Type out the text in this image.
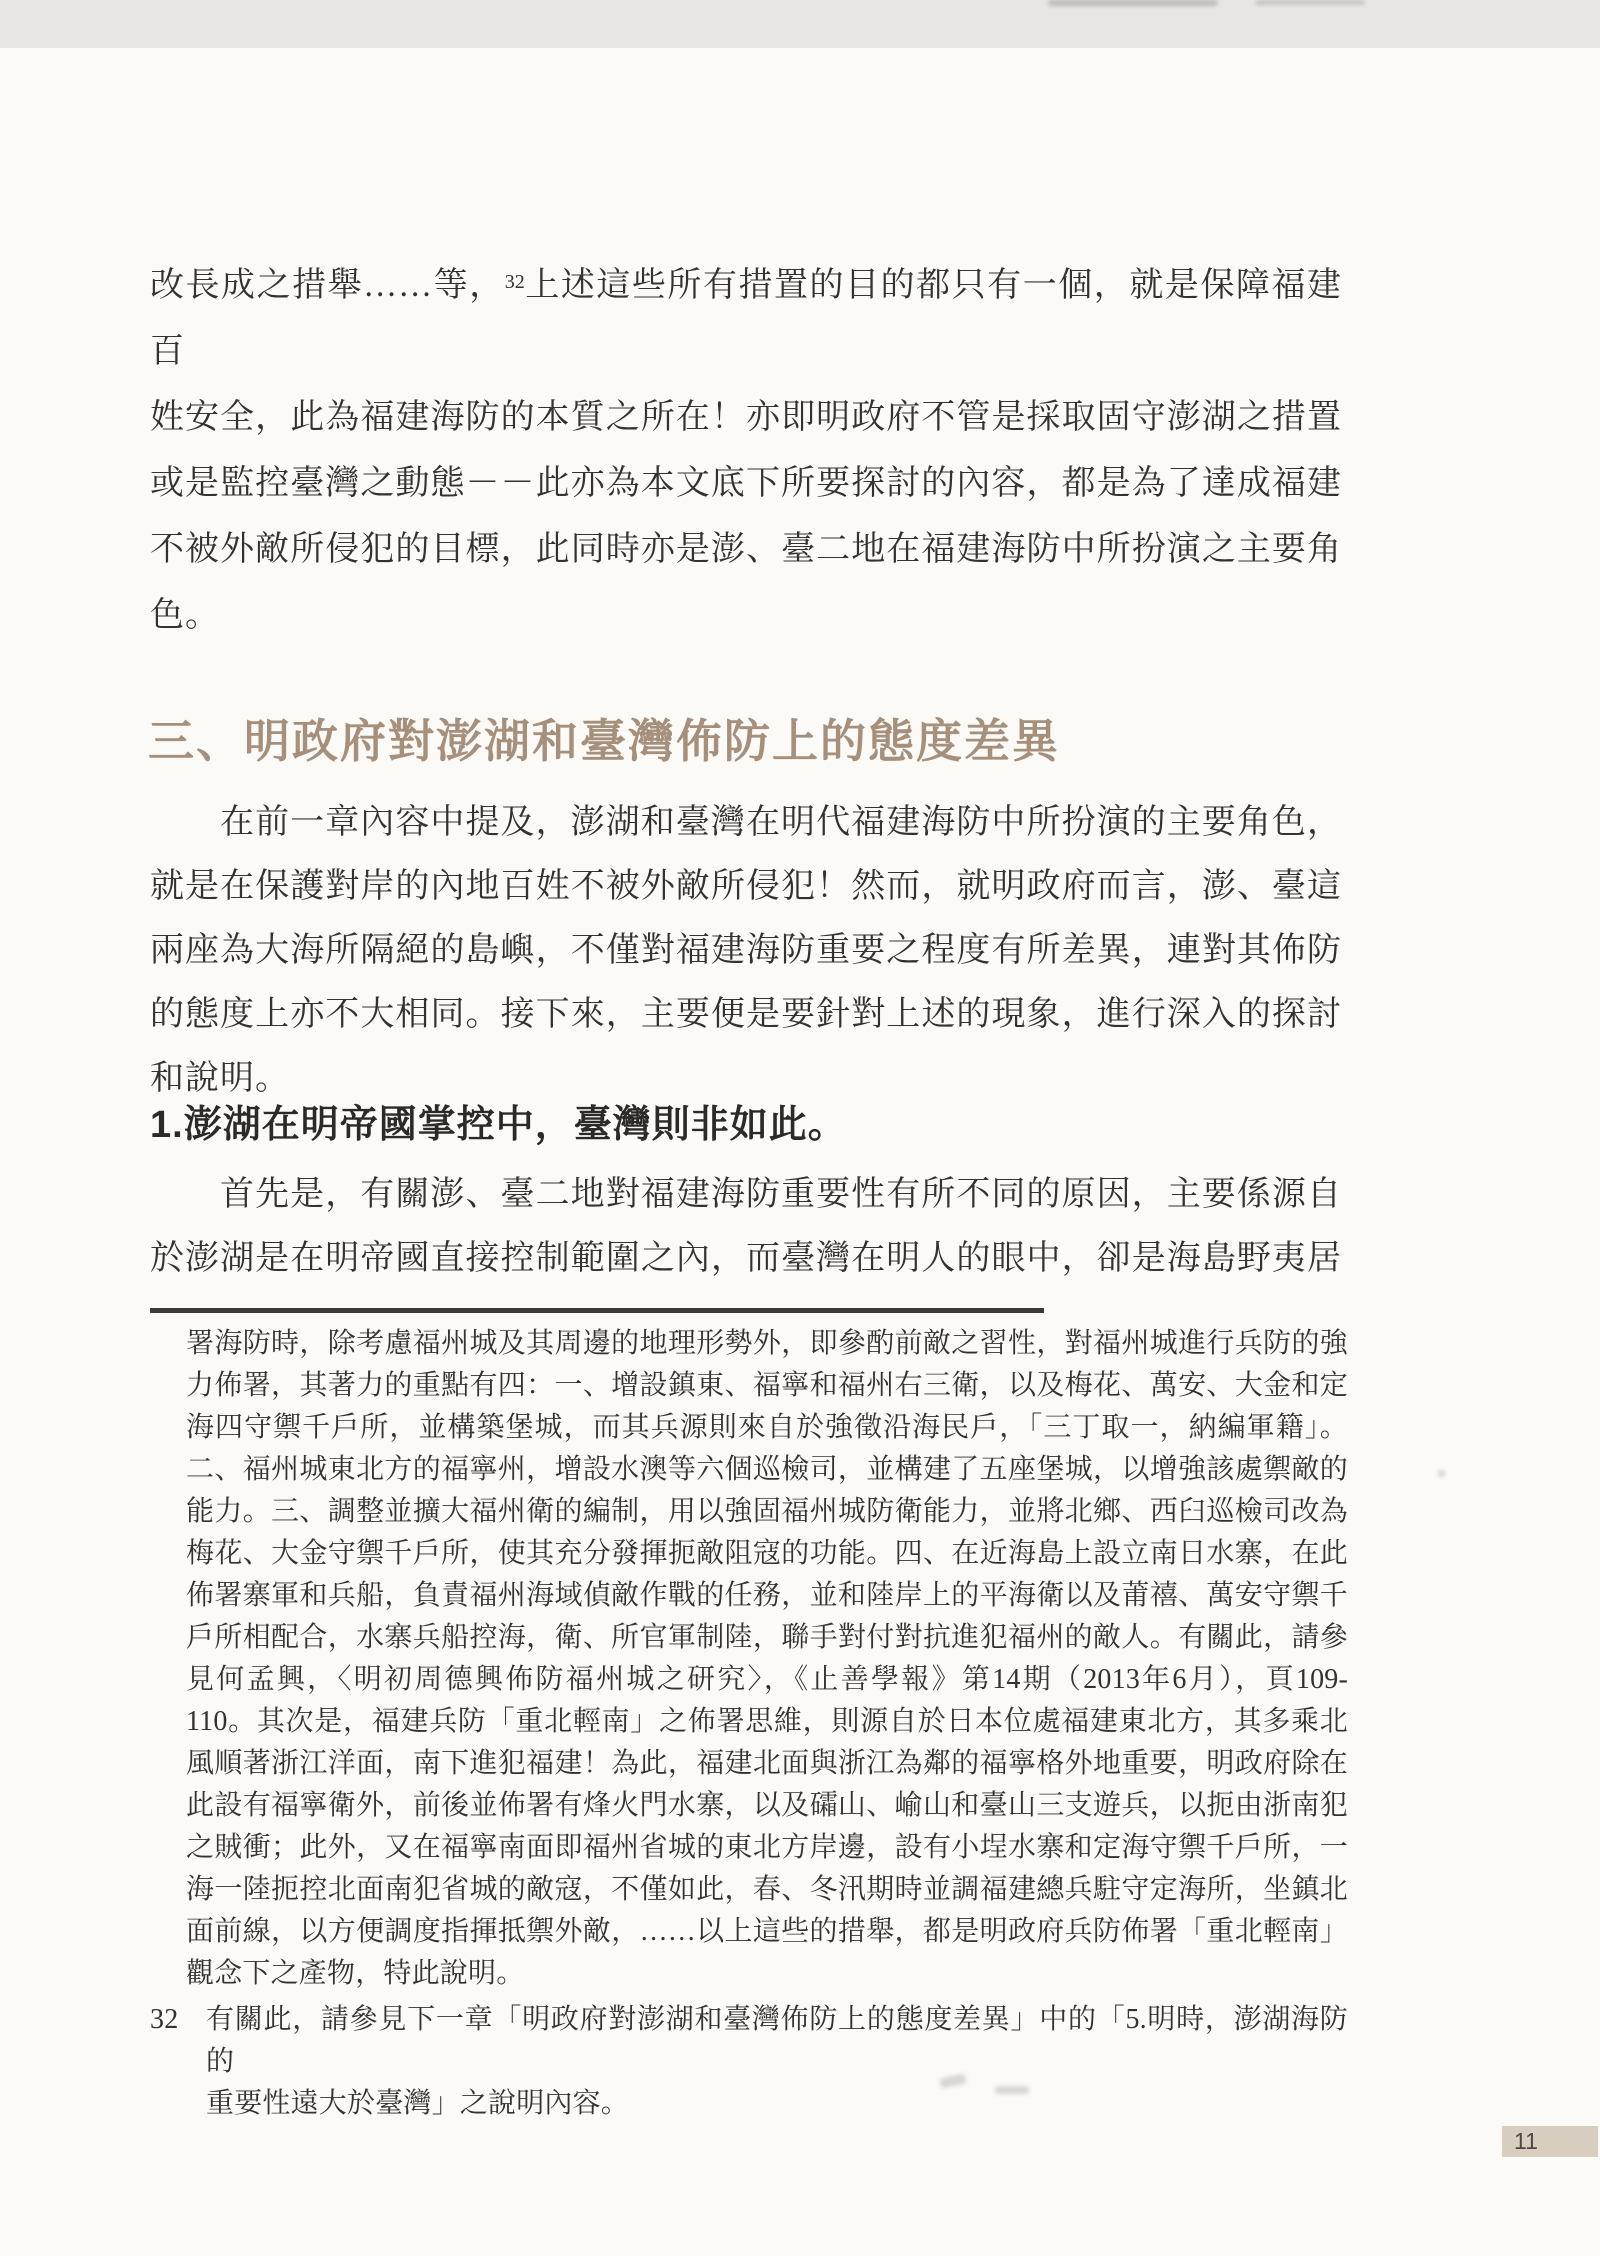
改長成之措舉……等，$^{32}$上述這些所有措置的目的都只有一個，就是保障福建百
姓安全，此為福建海防的本質之所在！亦即明政府不管是採取固守澎湖之措置
或是監控臺灣之動態－－此亦為本文底下所要探討的內容，都是為了達成福建
不被外敵所侵犯的目標，此同時亦是澎、臺二地在福建海防中所扮演之主要角
色。
三、明政府對澎湖和臺灣佈防上的態度差異
在前一章內容中提及，澎湖和臺灣在明代福建海防中所扮演的主要角色，
就是在保護對岸的內地百姓不被外敵所侵犯！然而，就明政府而言，澎、臺這
兩座為大海所隔絕的島嶼，不僅對福建海防重要之程度有所差異，連對其佈防
的態度上亦不大相同。接下來，主要便是要針對上述的現象，進行深入的探討
和說明。
1.澎湖在明帝國掌控中，臺灣則非如此。
首先是，有關澎、臺二地對福建海防重要性有所不同的原因，主要係源自
於澎湖是在明帝國直接控制範圍之內，而臺灣在明人的眼中，卻是海島野夷居
署海防時，除考慮福州城及其周邊的地理形勢外，即參酌前敵之習性，對福州城進行兵防的強
力佈署，其著力的重點有四：一、增設鎮東、福寧和福州右三衛，以及梅花、萬安、大金和定
海四守禦千戶所，並構築堡城，而其兵源則來自於強徵沿海民戶，「三丁取一，納編軍籍」。
二、福州城東北方的福寧州，增設水澳等六個巡檢司，並構建了五座堡城，以增強該處禦敵的
能力。三、調整並擴大福州衛的編制，用以強固福州城防衛能力，並將北鄉、西臼巡檢司改為
梅花、大金守禦千戶所，使其充分發揮扼敵阻寇的功能。四、在近海島上設立南日水寨，在此
佈署寨軍和兵船，負責福州海域偵敵作戰的任務，並和陸岸上的平海衛以及莆禧、萬安守禦千
戶所相配合，水寨兵船控海，衛、所官軍制陸，聯手對付對抗進犯福州的敵人。有關此，請參
見何孟興，〈明初周德興佈防福州城之研究〉，《止善學報》第14期（2013年6月），頁109-
110。其次是，福建兵防「重北輕南」之佈署思維，則源自於日本位處福建東北方，其多乘北
風順著浙江洋面，南下進犯福建！為此，福建北面與浙江為鄰的福寧格外地重要，明政府除在
此設有福寧衛外，前後並佈署有烽火門水寨，以及礵山、崳山和臺山三支遊兵，以扼由浙南犯
之賊衝；此外，又在福寧南面即福州省城的東北方岸邊，設有小埕水寨和定海守禦千戶所，一
海一陸扼控北面南犯省城的敵寇，不僅如此，春、冬汛期時並調福建總兵駐守定海所，坐鎮北
面前線，以方便調度指揮抵禦外敵，……以上這些的措舉，都是明政府兵防佈署「重北輕南」
觀念下之產物，特此說明。
32 有關此，請參見下一章「明政府對澎湖和臺灣佈防上的態度差異」中的「5.明時，澎湖海防的
重要性遠大於臺灣」之說明內容。
11
